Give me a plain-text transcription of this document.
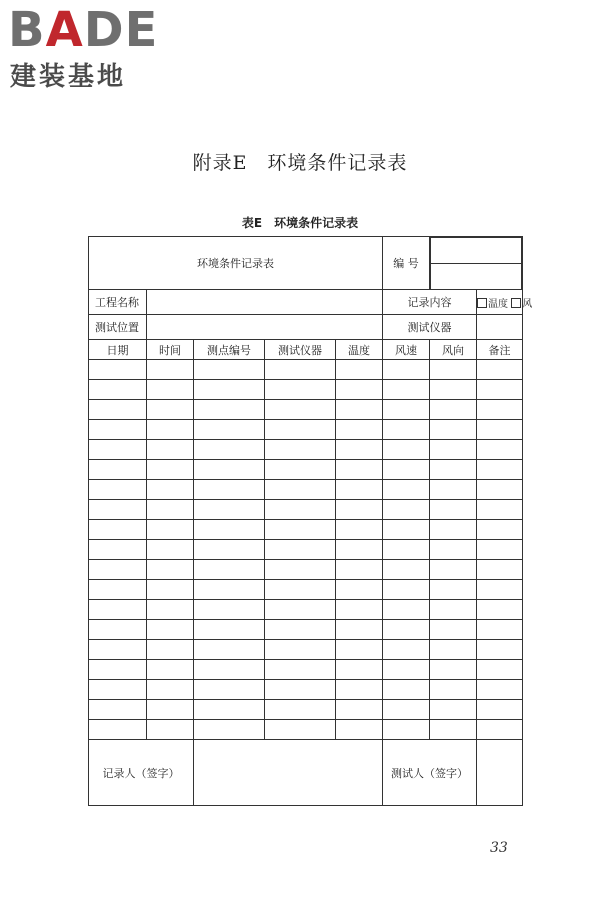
BADE
建装基地
附录E　环境条件记录表
表E　环境条件记录表
环境条件记录表	编 号	

工程名称		记录内容	温度 风
测试位置		测试仪器	
日期	时间	测点编号	测试仪器	温度	风速	风向	备注

记录人（签字）		测试人（签字）	
33
